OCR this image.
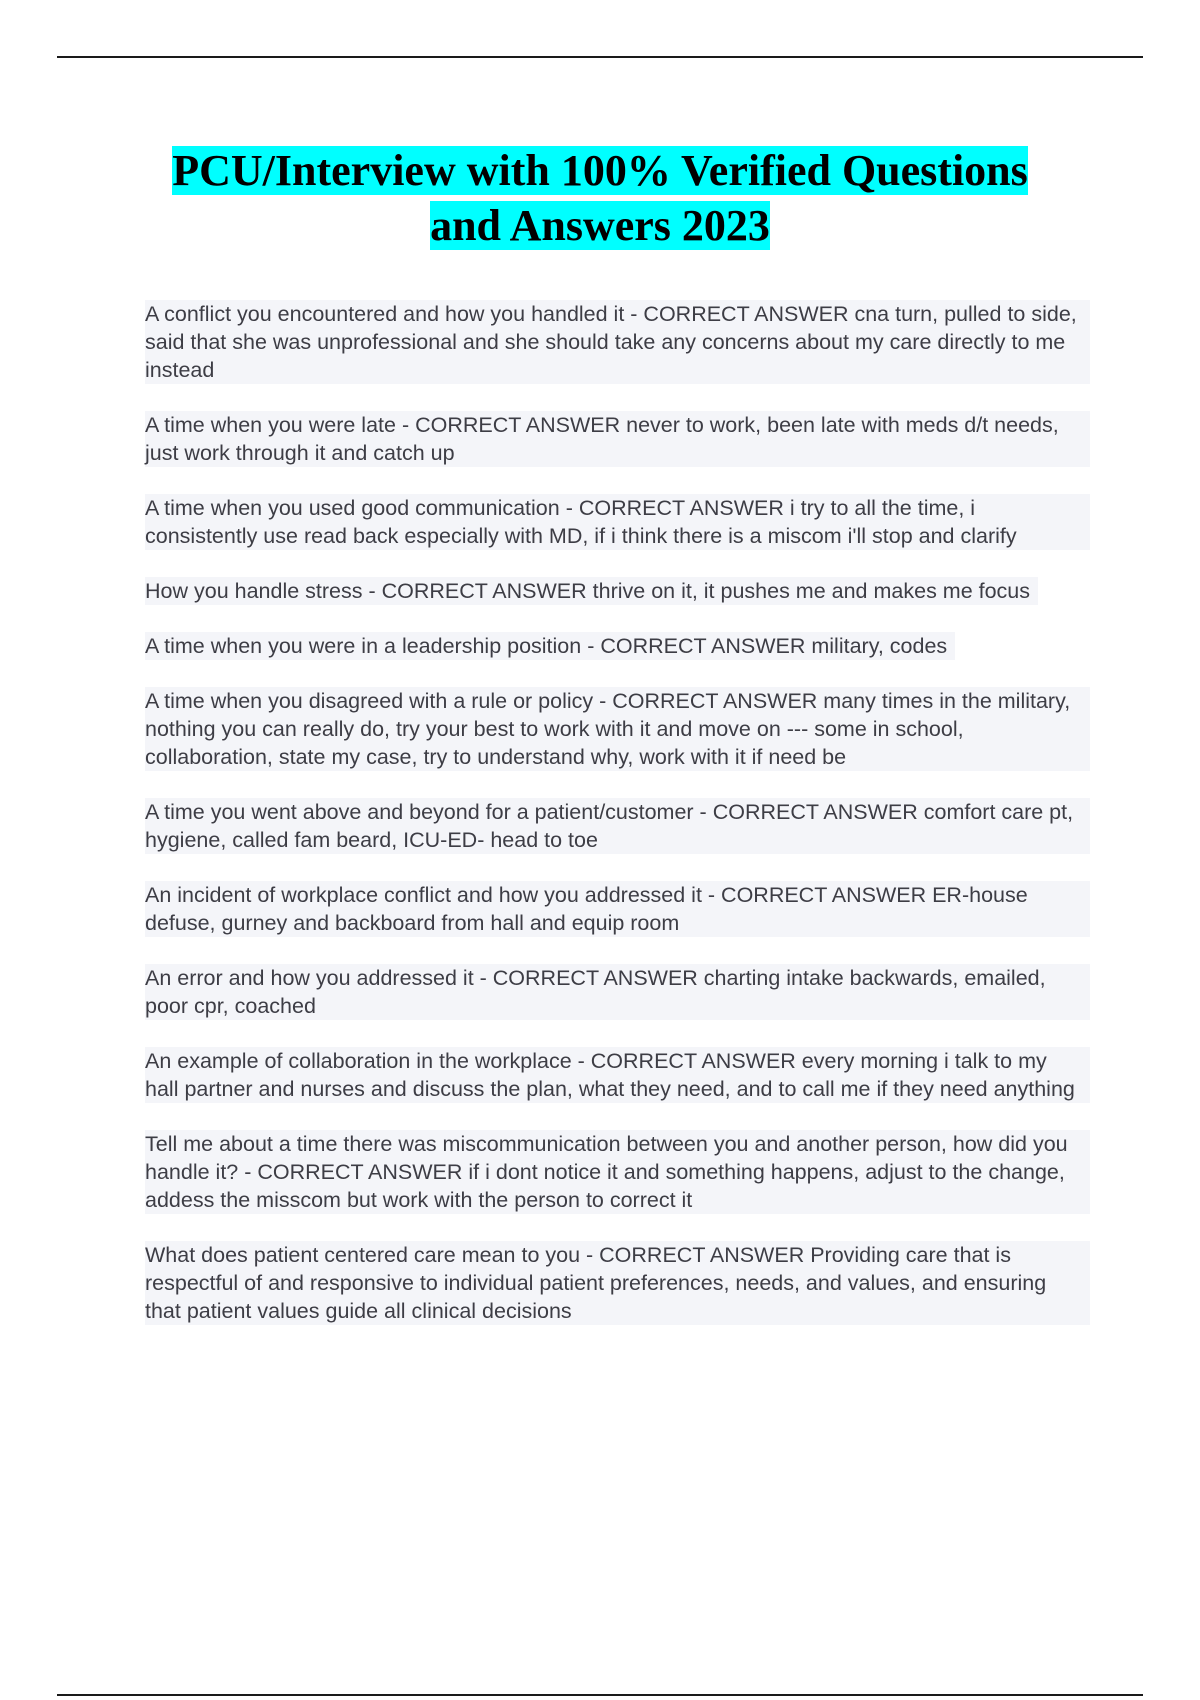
PCU/Interview with 100% Verified Questions
and Answers 2023
A conflict you encountered and how you handled it - CORRECT ANSWER cna turn, pulled to side, said that she was unprofessional and she should take any concerns about my care directly to me instead
A time when you were late - CORRECT ANSWER never to work, been late with meds d/t needs, just work through it and catch up
A time when you used good communication - CORRECT ANSWER i try to all the time, i consistently use read back especially with MD, if i think there is a miscom i'll stop and clarify
How you handle stress - CORRECT ANSWER thrive on it, it pushes me and makes me focus
A time when you were in a leadership position - CORRECT ANSWER military, codes
A time when you disagreed with a rule or policy - CORRECT ANSWER many times in the military, nothing you can really do, try your best to work with it and move on --- some in school, collaboration, state my case, try to understand why, work with it if need be
A time you went above and beyond for a patient/customer - CORRECT ANSWER comfort care pt, hygiene, called fam beard, ICU-ED- head to toe
An incident of workplace conflict and how you addressed it - CORRECT ANSWER ER-house defuse, gurney and backboard from hall and equip room
An error and how you addressed it - CORRECT ANSWER charting intake backwards, emailed, poor cpr, coached
An example of collaboration in the workplace - CORRECT ANSWER every morning i talk to my hall partner and nurses and discuss the plan, what they need, and to call me if they need anything
Tell me about a time there was miscommunication between you and another person, how did you handle it? - CORRECT ANSWER if i dont notice it and something happens, adjust to the change, addess the misscom but work with the person to correct it
What does patient centered care mean to you - CORRECT ANSWER Providing care that is respectful of and responsive to individual patient preferences, needs, and values, and ensuring that patient values guide all clinical decisions
